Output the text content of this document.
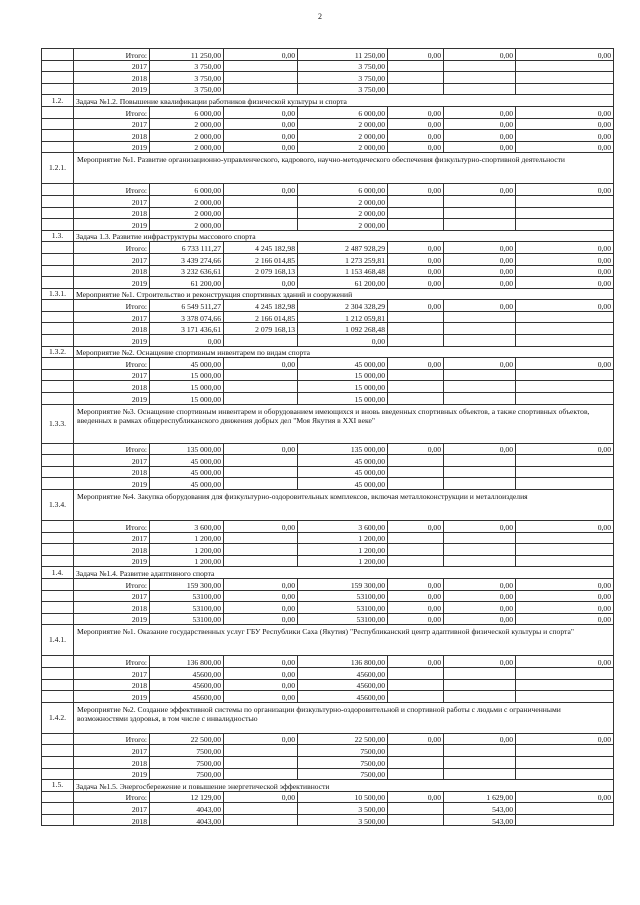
2
	Итого:	11 250,00	0,00	11 250,00	0,00	0,00	0,00
	2017	3 750,00		3 750,00			
	2018	3 750,00		3 750,00			
	2019	3 750,00		3 750,00			
1.2.	Задача №1.2. Повышение квалификации работников физической культуры и спорта						
	Итого:	6 000,00	0,00	6 000,00	0,00	0,00	0,00
	2017	2 000,00	0,00	2 000,00	0,00	0,00	0,00
	2018	2 000,00	0,00	2 000,00	0,00	0,00	0,00
	2019	2 000,00	0,00	2 000,00	0,00	0,00	0,00
1.2.1.	Мероприятие №1. Развитие организационно-управленческого, кадрового, научно-методического обеспечения физкультурно-спортивной деятельности						
	Итого:	6 000,00	0,00	6 000,00	0,00	0,00	0,00
	2017	2 000,00		2 000,00			
	2018	2 000,00		2 000,00			
	2019	2 000,00		2 000,00			
1.3.	Задача 1.3. Развитие инфраструктуры массового спорта						
	Итого:	6 733 111,27	4 245 182,98	2 487 928,29	0,00	0,00	0,00
	2017	3 439 274,66	2 166 014,85	1 273 259,81	0,00	0,00	0,00
	2018	3 232 636,61	2 079 168,13	1 153 468,48	0,00	0,00	0,00
	2019	61 200,00	0,00	61 200,00	0,00	0,00	0,00
1.3.1.	Мероприятие №1. Строительство и реконструкция спортивных зданий и сооружений						
	Итого:	6 549 511,27	4 245 182,98	2 304 328,29	0,00	0,00	0,00
	2017	3 378 074,66	2 166 014,85	1 212 059,81			
	2018	3 171 436,61	2 079 168,13	1 092 268,48			
	2019	0,00		0,00			
1.3.2.	Мероприятие №2. Оснащение спортивным инвентарем по видам спорта						
	Итого:	45 000,00	0,00	45 000,00	0,00	0,00	0,00
	2017	15 000,00		15 000,00			
	2018	15 000,00		15 000,00			
	2019	15 000,00		15 000,00			
1.3.3.	Мероприятие №3. Оснащение спортивным инвентарем и оборудованием имеющихся и вновь введенных спортивных объектов, а также спортивных объектов, введенных в рамках общереспубликанского движения добрых дел "Моя Якутия в XXI веке"						
	Итого:	135 000,00	0,00	135 000,00	0,00	0,00	0,00
	2017	45 000,00		45 000,00			
	2018	45 000,00		45 000,00			
	2019	45 000,00		45 000,00			
1.3.4.	Мероприятие №4. Закупка оборудования для физкультурно-оздоровительных комплексов, включая металлоконструкции и металлоизделия						
	Итого:	3 600,00	0,00	3 600,00	0,00	0,00	0,00
	2017	1 200,00		1 200,00			
	2018	1 200,00		1 200,00			
	2019	1 200,00		1 200,00			
1.4.	Задача №1.4. Развитие адаптивного спорта						
	Итого:	159 300,00	0,00	159 300,00	0,00	0,00	0,00
	2017	53100,00	0,00	53100,00	0,00	0,00	0,00
	2018	53100,00	0,00	53100,00	0,00	0,00	0,00
	2019	53100,00	0,00	53100,00	0,00	0,00	0,00
1.4.1.	Мероприятие №1. Оказание государственных услуг ГБУ Республики Саха (Якутия) "Республиканский центр адаптивной физической культуры и спорта"						
	Итого:	136 800,00	0,00	136 800,00	0,00	0,00	0,00
	2017	45600,00	0,00	45600,00			
	2018	45600,00	0,00	45600,00			
	2019	45600,00	0,00	45600,00			
1.4.2.	Мероприятие №2. Создание эффективной системы по организации физкультурно-оздоровительной и спортивной работы с людьми с ограниченными возможностями здоровья, в том числе с инвалидностью						
	Итого:	22 500,00	0,00	22 500,00	0,00	0,00	0,00
	2017	7500,00		7500,00			
	2018	7500,00		7500,00			
	2019	7500,00		7500,00			
1.5.	Задача №1.5. Энергосбережение и повышение энергетической эффективности						
	Итого:	12 129,00	0,00	10 500,00	0,00	1 629,00	0,00
	2017	4043,00		3 500,00		543,00	
	2018	4043,00		3 500,00		543,00	
